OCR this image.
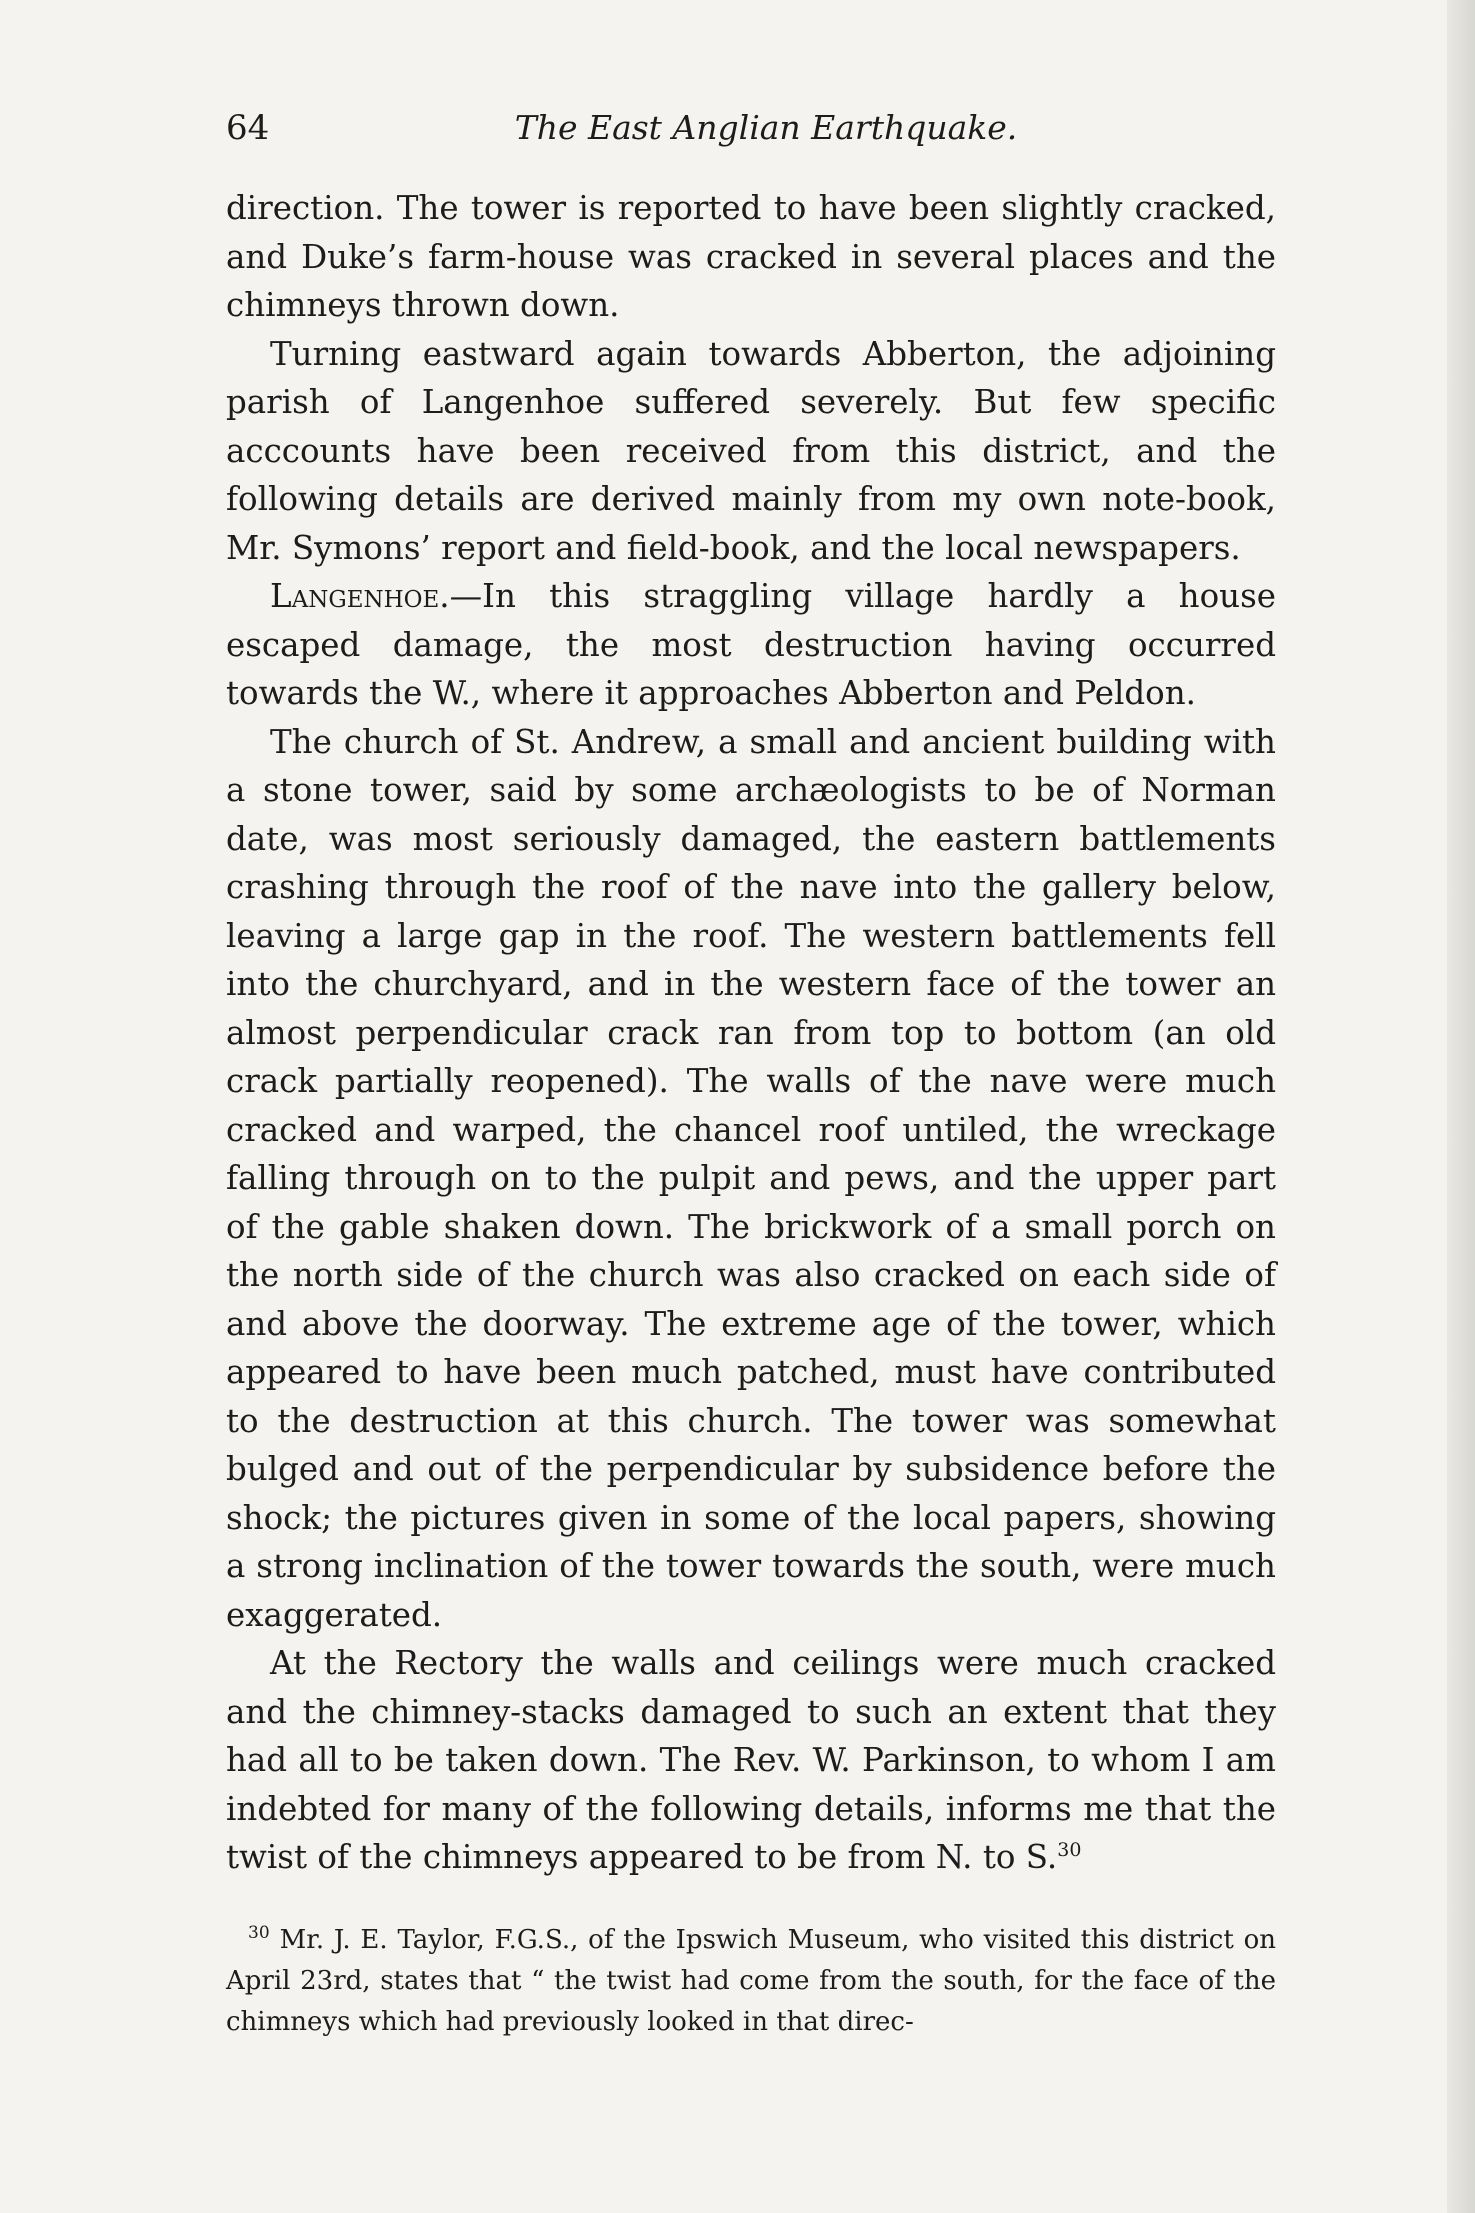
64	The East Anglian Earthquake.

direction. The tower is reported to have been slightly cracked, and Duke’s farm-house was cracked in several places and the chimneys thrown down.

Turning eastward again towards Abberton, the adjoining parish of Langenhoe suffered severely. But few specific acccounts have been received from this district, and the following details are derived mainly from my own note-book, Mr. Symons’ report and field-book, and the local newspapers.

Langenhoe.—In this straggling village hardly a house escaped damage, the most destruction having occurred towards the W., where it approaches Abberton and Peldon.

The church of St. Andrew, a small and ancient building with a stone tower, said by some archæologists to be of Norman date, was most seriously damaged, the eastern battlements crashing through the roof of the nave into the gallery below, leaving a large gap in the roof. The western battlements fell into the churchyard, and in the western face of the tower an almost perpendicular crack ran from top to bottom (an old crack partially reopened). The walls of the nave were much cracked and warped, the chancel roof untiled, the wreckage falling through on to the pulpit and pews, and the upper part of the gable shaken down. The brickwork of a small porch on the north side of the church was also cracked on each side of and above the doorway. The extreme age of the tower, which appeared to have been much patched, must have contributed to the destruction at this church. The tower was somewhat bulged and out of the perpendicular by subsidence before the shock; the pictures given in some of the local papers, showing a strong inclination of the tower towards the south, were much exaggerated.

At the Rectory the walls and ceilings were much cracked and the chimney-stacks damaged to such an extent that they had all to be taken down. The Rev. W. Parkinson, to whom I am indebted for many of the following details, informs me that the twist of the chimneys appeared to be from N. to S.$^{30}$

$^{30}$ Mr. J. E. Taylor, F.G.S., of the Ipswich Museum, who visited this district on April 23rd, states that “ the twist had come from the south, for the face of the chimneys which had previously looked in that direc-
